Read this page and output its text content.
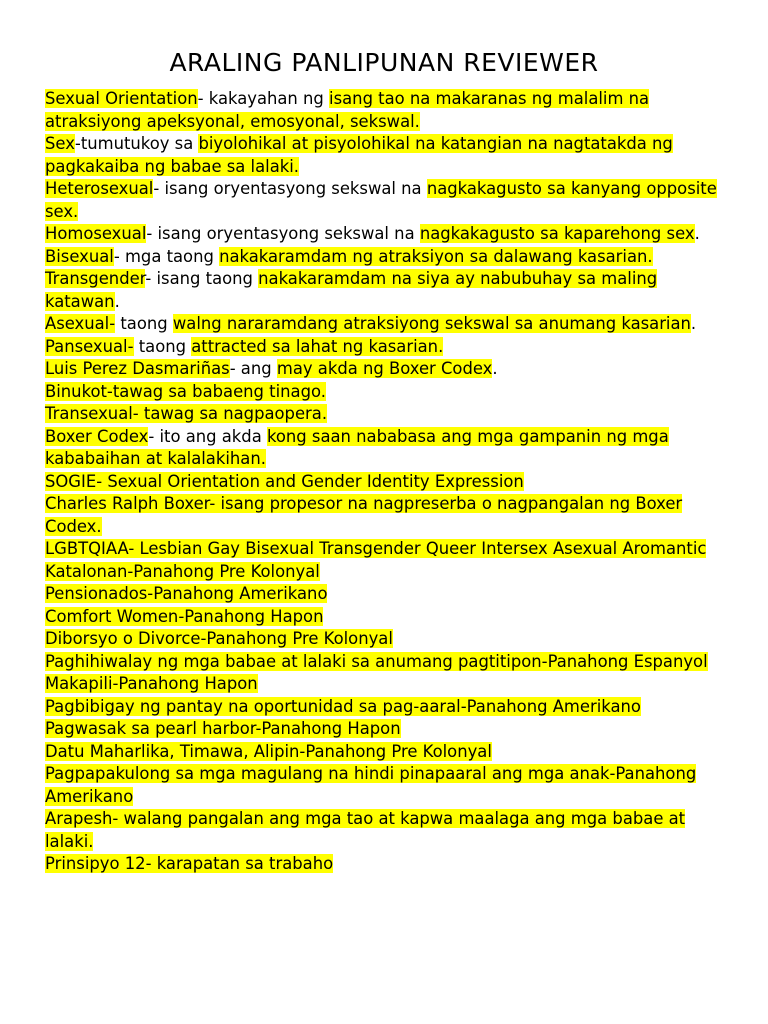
ARALING PANLIPUNAN REVIEWER

Sexual Orientation- kakayahan ng isang tao na makaranas ng malalim na atraksiyong apeksyonal, emosyonal, sekswal.

Sex-tumutukoy sa biyolohikal at pisyolohikal na katangian na nagtatakda ng pagkakaiba ng babae sa lalaki.

Heterosexual- isang oryentasyong sekswal na nagkakagusto sa kanyang opposite sex.

Homosexual- isang oryentasyong sekswal na nagkakagusto sa kaparehong sex.

Bisexual- mga taong nakakaramdam ng atraksiyon sa dalawang kasarian.

Transgender- isang taong nakakaramdam na siya ay nabubuhay sa maling katawan.

Asexual- taong walng nararamdang atraksiyong sekswal sa anumang kasarian.

Pansexual- taong attracted sa lahat ng kasarian.

Luis Perez Dasmariñas- ang may akda ng Boxer Codex.

Binukot-tawag sa babaeng tinago.

Transexual- tawag sa nagpaopera.

Boxer Codex- ito ang akda kong saan nababasa ang mga gampanin ng mga kababaihan at kalalakihan.

SOGIE- Sexual Orientation and Gender Identity Expression

Charles Ralph Boxer- isang propesor na nagpreserba o nagpangalan ng Boxer Codex.

LGBTQIAA- Lesbian Gay Bisexual Transgender Queer Intersex Asexual Aromantic

Katalonan-Panahong Pre Kolonyal

Pensionados-Panahong Amerikano

Comfort Women-Panahong Hapon

Diborsyo o Divorce-Panahong Pre Kolonyal

Paghihiwalay ng mga babae at lalaki sa anumang pagtitipon-Panahong Espanyol

Makapili-Panahong Hapon

Pagbibigay ng pantay na oportunidad sa pag-aaral-Panahong Amerikano

Pagwasak sa pearl harbor-Panahong Hapon

Datu Maharlika, Timawa, Alipin-Panahong Pre Kolonyal

Pagpapakulong sa mga magulang na hindi pinapaaral ang mga anak-Panahong Amerikano

Arapesh- walang pangalan ang mga tao at kapwa maalaga ang mga babae at lalaki.

Prinsipyo 12- karapatan sa trabaho
